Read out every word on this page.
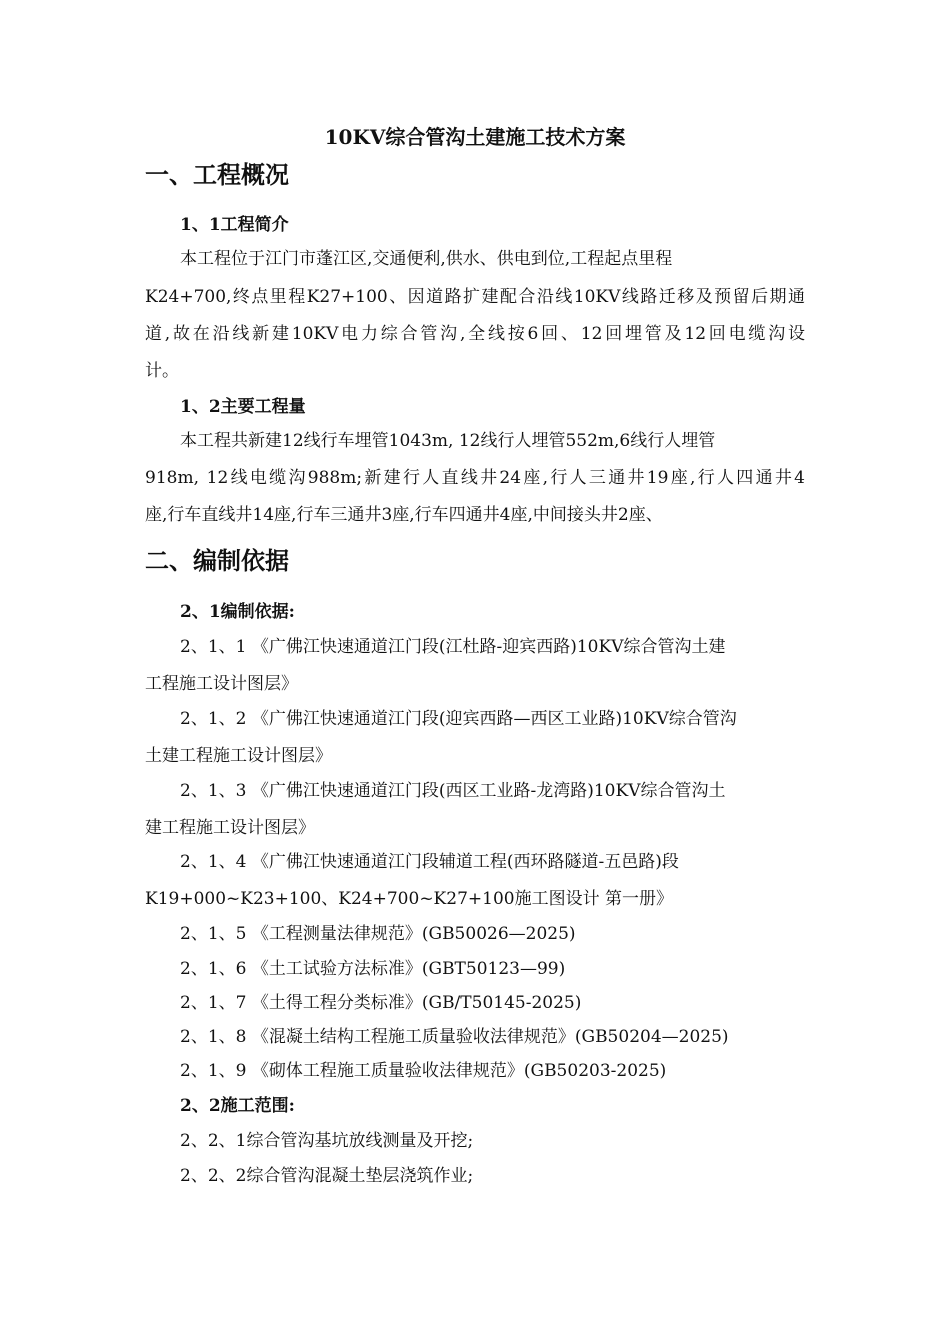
10KV综合管沟土建施工技术方案
一、工程概况
1、1工程简介
本工程位于江门市蓬江区,交通便利,供水、供电到位,工程起点里程
K24+700,终点里程K27+100、因道路扩建配合沿线10KV线路迁移及预留后期通
道,故在沿线新建10KV电力综合管沟,全线按6回、12回埋管及12回电缆沟设
计。
1、2主要工程量
本工程共新建12线行车埋管1043m, 12线行人埋管552m,6线行人埋管
918m, 12线电缆沟988m;新建行人直线井24座,行人三通井19座,行人四通井4
座,行车直线井14座,行车三通井3座,行车四通井4座,中间接头井2座、
二、编制依据
2、1编制依据:
2、1、1 《广佛江快速通道江门段(江杜路-迎宾西路)10KV综合管沟土建
工程施工设计图层》
2、1、2 《广佛江快速通道江门段(迎宾西路—西区工业路)10KV综合管沟
土建工程施工设计图层》
2、1、3 《广佛江快速通道江门段(西区工业路-龙湾路)10KV综合管沟土
建工程施工设计图层》
2、1、4 《广佛江快速通道江门段辅道工程(西环路隧道-五邑路)段
K19+000~K23+100、K24+700~K27+100施工图设计 第一册》
2、1、5 《工程测量法律规范》(GB50026—2025)
2、1、6 《土工试验方法标准》(GBT50123—99)
2、1、7 《土得工程分类标准》(GB/T50145-2025)
2、1、8 《混凝土结构工程施工质量验收法律规范》(GB50204—2025)
2、1、9 《砌体工程施工质量验收法律规范》(GB50203-2025)
2、2施工范围:
2、2、1综合管沟基坑放线测量及开挖;
2、2、2综合管沟混凝土垫层浇筑作业;
